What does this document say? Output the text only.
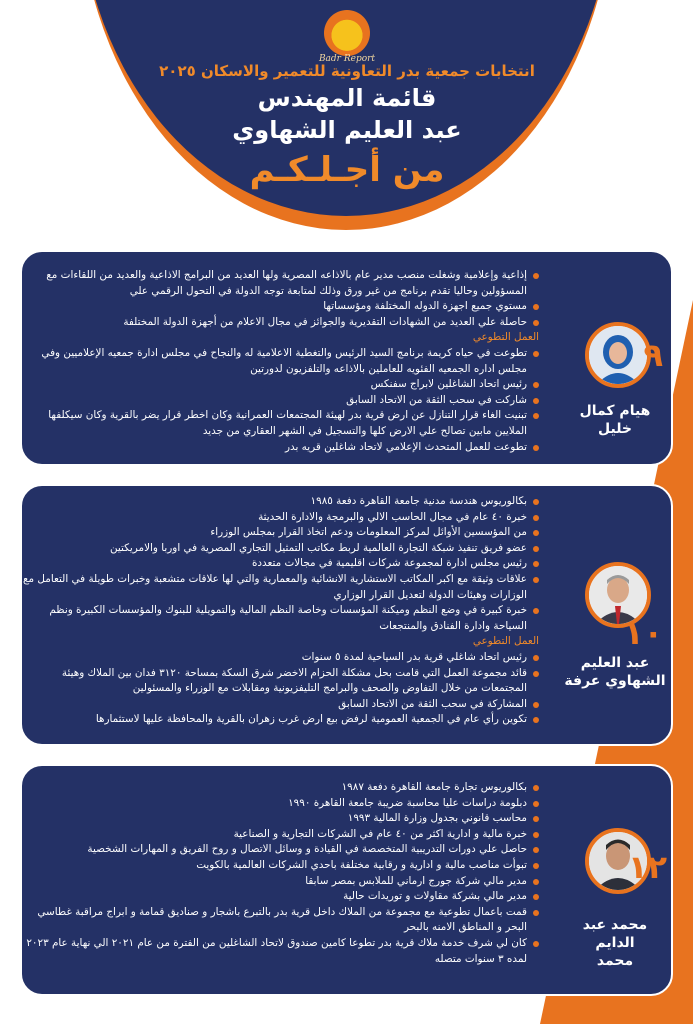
Badr Report
انتخابات جمعية بدر التعاونية للتعمير والاسكان ٢٠٢٥
قائمة المهندس
عبد العليم الشهاوي
من أجـلـكـم
إذاعية وإعلامية وشغلت منصب مدير عام بالاذاعه المصرية ولها العديد من البرامج الاذاعية والعديد من اللقاءات مع المسؤولين وحاليا تقدم برنامج من غير ورق وذلك لمتابعة توجه الدولة في التحول الرقمي علي
مستوي جميع اجهزة الدوله المختلفة ومؤسساتها
حاصلة علي العديد من الشهادات التقديرية والجوائز في مجال الاعلام من أجهزة الدولة المختلفة
العمل التطوعي
تطوعت في حياه كريمة برنامج السيد الرئيس والتغطية الاعلامية له والنجاح في مجلس ادارة جمعيه الإعلاميين وفي مجلس اداره الجمعيه الفئويه للعاملين بالاذاعه والتلفزيون لدورتين
رئيس اتحاد الشاغلين لابراج سفنكس
شاركت في سحب الثقة من الاتحاد السابق
تبنيت الغاء قرار التنازل عن ارض قرية بدر لهيئة المجتمعات العمرانية وكان اخطر قرار يضر بالقرية وكان سيكلفها الملايين مابين تصالح علي الارض كلها والتسجيل في الشهر العقاري من جديد
تطوعت للعمل المتحدث الإعلامي لاتحاد شاغلين قريه بدر
٩
هيام كمال
خليل
بكالوريوس هندسة مدنية جامعة القاهرة دفعة ١٩٨٥
خبرة ٤٠ عام في مجال الحاسب الالي والبرمجة والادارة الحديثة
من المؤسسين الأوائل لمركز المعلومات ودعم اتخاذ القرار بمجلس الوزراء
عضو فريق تنفيذ شبكة التجارة العالمية لربط مكاتب التمثيل التجاري المصرية في اوربا والامريكتين
رئيس مجلس ادارة لمجموعة شركات اقليمية في مجالات متعددة
علاقات وثيقة مع اكبر المكاتب الاستشارية الانشائية والمعمارية والتي لها علاقات متشعبة وخبرات طويلة في التعامل مع الوزارات وهيئات الدولة لتعديل القرار الوزاري
خبرة كبيرة في وضع النظم وميكنة المؤسسات وخاصة النظم المالية والتمويلية للبنوك والمؤسسات الكبيرة ونظم السياحة وادارة الفنادق والمنتجعات
العمل التطوعي
رئيس اتحاد شاغلي قرية بدر السياحية لمدة ٥ سنوات
قائد مجموعة العمل التي قامت بحل مشكلة الحزام الاخضر شرق السكة بمساحة ٣١٢٠ فدان بين الملاك وهيئة المجتمعات من خلال التفاوض والصحف والبرامج التليفزيونية ومقابلات مع الوزراء والمسئولين
المشاركة في سحب الثقة من الاتحاد السابق
تكوين رأي عام في الجمعية العمومية لرفض بيع ارض غرب زهران بالقرية والمحافظة عليها لاستثمارها
١٠
عبد العليم
الشهاوي عرفة
بكالوريوس تجارة جامعة القاهرة دفعة ١٩٨٧
دبلومة دراسات عليا محاسبة ضريبة جامعة القاهرة ١٩٩٠
محاسب قانوني بجدول وزارة المالية ١٩٩٣
خبرة مالية و ادارية اكثر من ٤٠ عام في الشركات التجارية و الصناعية
حاصل علي دورات التدريبية المتخصصة في القيادة و وسائل الاتصال و روح الفريق و المهارات الشخصية
تبوأت مناصب مالية و ادارية و رقابية مختلفة باحدي الشركات العالمية بالكويت
مدير مالي شركة جورج ارماني للملابس بمصر سابقا
مدير مالي بشركة مقاولات و توريدات حالية
قمت باعمال تطوعية مع مجموعة من الملاك داخل قرية بدر بالتبرع باشجار و صناديق قمامة و ابراج مراقبة غطاسي البحر و المناطق الامنه بالبحر
كان لي شرف خدمة ملاك قرية بدر تطوعا كامين صندوق لاتحاد الشاغلين من الفترة من عام ٢٠٢١ الي نهاية عام ٢٠٢٣ لمده ٣ سنوات متصله
١٢
محمد عبد الدايم
محمد
